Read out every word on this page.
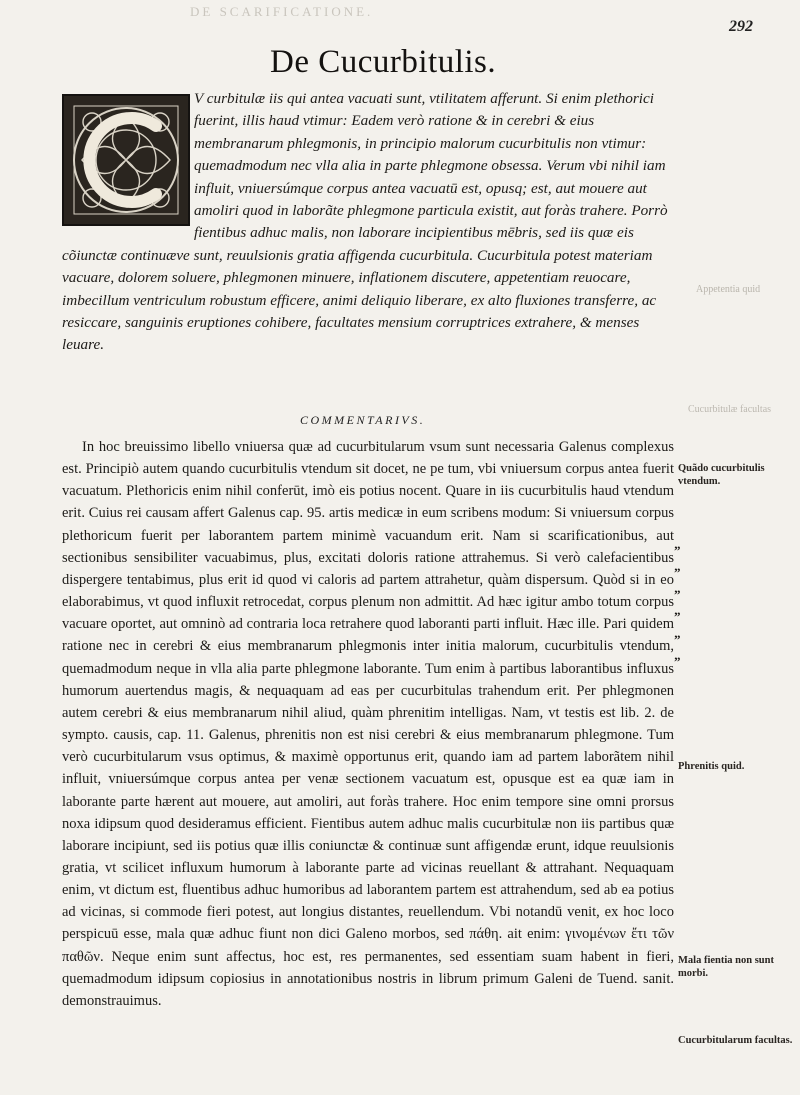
DE SCARIFICATIONE.
292
De Cucurbitulis.

V curbitulæ iis qui antea vacuati sunt, vtilitatem afferunt. Si enim plethorici fuerint, illis haud vtimur: Eadem verò ratione & in cerebri & eius membranarum phlegmonis, in principio malorum cucurbitulis non vtimur: quemadmodum nec vlla alia in parte phlegmone obsessa. Verum vbi nihil iam influit, vniuersúmque corpus antea vacuatū est, opusq; est, aut mouere aut amoliri quod in laborãte phlegmone particula existit, aut foràs trahere. Porrò fientibus adhuc malis, non laborare incipientibus mēbris, sed iis quæ eis cõiunctæ continuæve sunt, reuulsionis gratia affigenda cucurbitula. Cucurbitula potest materiam vacuare, dolorem soluere, phlegmonen minuere, inflationem discutere, appetentiam reuocare, imbecillum ventriculum robustum efficere, animi deliquio liberare, ex alto fluxiones transferre, ac resiccare, sanguinis eruptiones cohibere, facultates mensium corruptrices extrahere, & menses leuare.

COMMENTARIVS.

In hoc breuissimo libello vniuersa quæ ad cucurbitularum vsum sunt necessaria Galenus complexus est. Principiò autem quando cucurbitulis vtendum sit docet, ne pe tum, vbi vniuersum corpus antea fuerit vacuatum. Plethoricis enim nihil conferūt, imò eis potius nocent. Quare in iis cucurbitulis haud vtendum erit. Cuius rei causam affert Galenus cap. 95. artis medicæ in eum scribens modum: Si vniuersum corpus plethoricum fuerit per laborantem partem minimè vacuandum erit. Nam si scarificationibus, aut sectionibus sensibiliter vacuabimus, plus, excitati doloris ratione attrahemus. Si verò calefacientibus dispergere tentabimus, plus erit id quod vi caloris ad partem attrahetur, quàm dispersum. Quòd si in eo elaborabimus, vt quod influxit retrocedat, corpus plenum non admittit. Ad hæc igitur ambo totum corpus vacuare oportet, aut omninò ad contraria loca retrahere quod laboranti parti influit. Hæc ille. Pari quidem ratione nec in cerebri & eius membranarum phlegmonis inter initia malorum, cucurbitulis vtendum, quemadmodum neque in vlla alia parte phlegmone laborante. Tum enim à partibus laborantibus influxus humorum auertendus magis, & nequaquam ad eas per cucurbitulas trahendum erit. Per phlegmonen autem cerebri & eius membranarum nihil aliud, quàm phrenitim intelligas. Nam, vt testis est lib. 2. de sympto. causis, cap. 11. Galenus, phrenitis non est nisi cerebri & eius membranarum phlegmone. Tum verò cucurbitularum vsus optimus, & maximè opportunus erit, quando iam ad partem laborãtem nihil influit, vniuersúmque corpus antea per venæ sectionem vacuatum est, opusque est ea quæ iam in laborante parte hærent aut mouere, aut amoliri, aut foràs trahere. Hoc enim tempore sine omni prorsus noxa idipsum quod desideramus efficient. Fientibus autem adhuc malis cucurbitulæ non iis partibus quæ laborare incipiunt, sed iis potius quæ illis coniunctæ & continuæ sunt affigendæ erunt, idque reuulsionis gratia, vt scilicet influxum humorum à laborante parte ad vicinas reuellant & attrahant. Nequaquam enim, vt dictum est, fluentibus adhuc humoribus ad laborantem partem est attrahendum, sed ab ea potius ad vicinas, si commode fieri potest, aut longius distantes, reuellendum. Vbi notandū venit, ex hoc loco perspicuū esse, mala quæ adhuc fiunt non dici Galeno morbos, sed πάθη. ait enim: γινομένων ἔτι τῶν παθῶν. Neque enim sunt affectus, hoc est, res permanentes, sed essentiam suam habent in fieri, quemadmodum idipsum copiosius in annotationibus nostris in librum primum Galeni de Tuend. sanit. demonstrauimus.

Quãdo cucurbitulis vtendum.
”
”
”
”
”
”
Phrenitis quid.
Mala fientia non sunt morbi.
Cucurbitularum facultas.
Appetentia quid
Cucurbitulæ facultas
